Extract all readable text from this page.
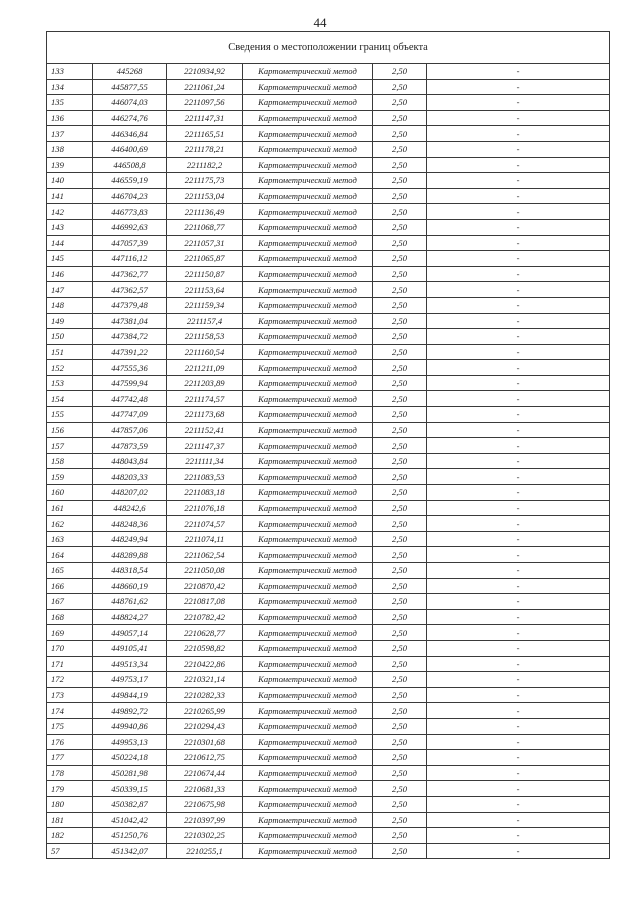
44
Сведения о местоположении границ объекта					
133	445268	2210934,92	Картометрический метод	2,50	-
134	445877,55	2211061,24	Картометрический метод	2,50	-
135	446074,03	2211097,56	Картометрический метод	2,50	-
136	446274,76	2211147,31	Картометрический метод	2,50	-
137	446346,84	2211165,51	Картометрический метод	2,50	-
138	446400,69	2211178,21	Картометрический метод	2,50	-
139	446508,8	2211182,2	Картометрический метод	2,50	-
140	446559,19	2211175,73	Картометрический метод	2,50	-
141	446704,23	2211153,04	Картометрический метод	2,50	-
142	446773,83	2211136,49	Картометрический метод	2,50	-
143	446992,63	2211068,77	Картометрический метод	2,50	-
144	447057,39	2211057,31	Картометрический метод	2,50	-
145	447116,12	2211065,87	Картометрический метод	2,50	-
146	447362,77	2211150,87	Картометрический метод	2,50	-
147	447362,57	2211153,64	Картометрический метод	2,50	-
148	447379,48	2211159,34	Картометрический метод	2,50	-
149	447381,04	2211157,4	Картометрический метод	2,50	-
150	447384,72	2211158,53	Картометрический метод	2,50	-
151	447391,22	2211160,54	Картометрический метод	2,50	-
152	447555,36	2211211,09	Картометрический метод	2,50	-
153	447599,94	2211203,89	Картометрический метод	2,50	-
154	447742,48	2211174,57	Картометрический метод	2,50	-
155	447747,09	2211173,68	Картометрический метод	2,50	-
156	447857,06	2211152,41	Картометрический метод	2,50	-
157	447873,59	2211147,37	Картометрический метод	2,50	-
158	448043,84	2211111,34	Картометрический метод	2,50	-
159	448203,33	2211083,53	Картометрический метод	2,50	-
160	448207,02	2211083,18	Картометрический метод	2,50	-
161	448242,6	2211076,18	Картометрический метод	2,50	-
162	448248,36	2211074,57	Картометрический метод	2,50	-
163	448249,94	2211074,11	Картометрический метод	2,50	-
164	448289,88	2211062,54	Картометрический метод	2,50	-
165	448318,54	2211050,08	Картометрический метод	2,50	-
166	448660,19	2210870,42	Картометрический метод	2,50	-
167	448761,62	2210817,08	Картометрический метод	2,50	-
168	448824,27	2210782,42	Картометрический метод	2,50	-
169	449057,14	2210628,77	Картометрический метод	2,50	-
170	449105,41	2210598,82	Картометрический метод	2,50	-
171	449513,34	2210422,86	Картометрический метод	2,50	-
172	449753,17	2210321,14	Картометрический метод	2,50	-
173	449844,19	2210282,33	Картометрический метод	2,50	-
174	449892,72	2210265,99	Картометрический метод	2,50	-
175	449940,86	2210294,43	Картометрический метод	2,50	-
176	449953,13	2210301,68	Картометрический метод	2,50	-
177	450224,18	2210612,75	Картометрический метод	2,50	-
178	450281,98	2210674,44	Картометрический метод	2,50	-
179	450339,15	2210681,33	Картометрический метод	2,50	-
180	450382,87	2210675,98	Картометрический метод	2,50	-
181	451042,42	2210397,99	Картометрический метод	2,50	-
182	451250,76	2210302,25	Картометрический метод	2,50	-
57	451342,07	2210255,1	Картометрический метод	2,50	-
